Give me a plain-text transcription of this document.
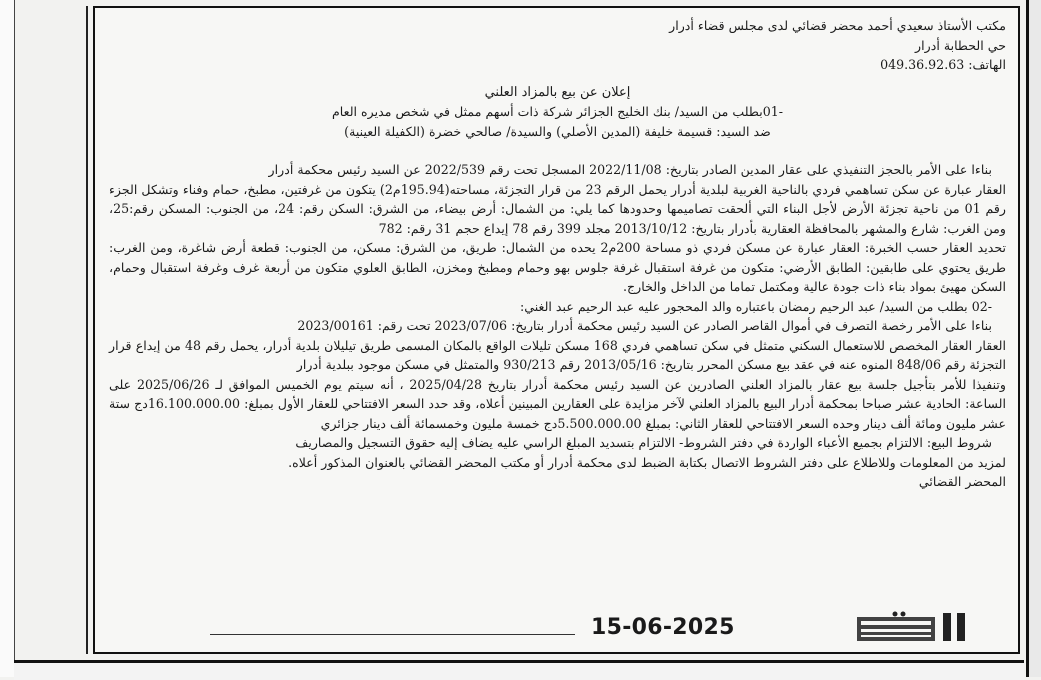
مكتب الأستاذ سعيدي أحمد محضر قضائي لدى مجلس قضاء أدرار
حي الحطابة أدرار
الهاتف: 049.36.92.63
إعلان عن بيع بالمزاد العلني
-01بطلب من السيد/ بنك الخليج الجزائر شركة ذات أسهم ممثل في شخص مديره العام
ضد السيد: قسيمة خليفة (المدين الأصلي) والسيدة/ صالحي خضرة (الكفيلة العينية)

بناءا على الأمر بالحجز التنفيذي على عقار المدين الصادر بتاريخ: 2022/11/08 المسجل تحت رقم 2022/539 عن السيد رئيس محكمة أدرار

العقار عبارة عن سكن تساهمي فردي بالناحية الغربية لبلدية أدرار يحمل الرقم 23 من قرار التجزئة، مساحته(195.94م2) يتكون من غرفتين، مطبخ، حمام وفناء وتشكل الجزء رقم 01 من ناحية تجزئة الأرض لأجل البناء التي ألحقت تصاميمها وحدودها كما يلي: من الشمال: أرض بيضاء، من الشرق: السكن رقم: 24، من الجنوب: المسكن رقم:25، ومن الغرب: شارع والمشهر بالمحافظة العقارية بأدرار بتاريخ: 2013/10/12 مجلد 399 رقم 78 إيداع حجم 31 رقم: 782

تحديد العقار حسب الخبرة: العقار عبارة عن مسكن فردي ذو مساحة 200م2 يحده من الشمال: طريق، من الشرق: مسكن، من الجنوب: قطعة أرض شاغرة، ومن الغرب: طريق يحتوي على طابقين: الطابق الأرضي: متكون من غرفة استقبال غرفة جلوس بهو وحمام ومطبخ ومخزن، الطابق العلوي متكون من أربعة غرف وغرفة استقبال وحمام، السكن مهيئ بمواد بناء ذات جودة عالية ومكتمل تماما من الداخل والخارج.

-02 بطلب من السيد/ عبد الرحيم رمضان باعتباره والد المحجور عليه عبد الرحيم عبد الغني:

بناءا على الأمر رخصة التصرف في أموال القاصر الصادر عن السيد رئيس محكمة أدرار بتاريخ: 2023/07/06 تحت رقم: 2023/00161

العقار العقار المخصص للاستعمال السكني متمثل في سكن تساهمي فردي 168 مسكن تليلات الواقع بالمكان المسمى طريق تيليلان بلدية أدرار، يحمل رقم 48 من إيداع قرار التجزئة رقم 848/06 المنوه عنه في عقد بيع مسكن المحرر بتاريخ: 2013/05/16 رقم 930/213 والمتمثل في مسكن موجود ببلدية أدرار

وتنفيذا للأمر بتأجيل جلسة بيع عقار بالمزاد العلني الصادرين عن السيد رئيس محكمة أدرار بتاريخ 2025/04/28 ، أنه سيتم يوم الخميس الموافق لـ 2025/06/26 على الساعة: الحادية عشر صباحا بمحكمة أدرار البيع بالمزاد العلني لآخر مزايدة على العقارين المبينين أعلاه، وقد حدد السعر الافتتاحي للعقار الأول بمبلغ: 16.100.000.00دج ستة عشر مليون ومائة ألف دينار وحده السعر الافتتاحي للعقار الثاني: بمبلغ 5.500.000.00دج خمسة مليون وخمسمائة ألف دينار جزائري

شروط البيع: الالتزام بجميع الأعباء الواردة في دفتر الشروط- الالتزام بتسديد المبلغ الراسي عليه يضاف إليه حقوق التسجيل والمصاريف

لمزيد من المعلومات وللاطلاع على دفتر الشروط الاتصال بكتابة الضبط لدى محكمة أدرار أو مكتب المحضر القضائي بالعنوان المذكور أعلاه.

المحضر القضائي

15-06-2025
